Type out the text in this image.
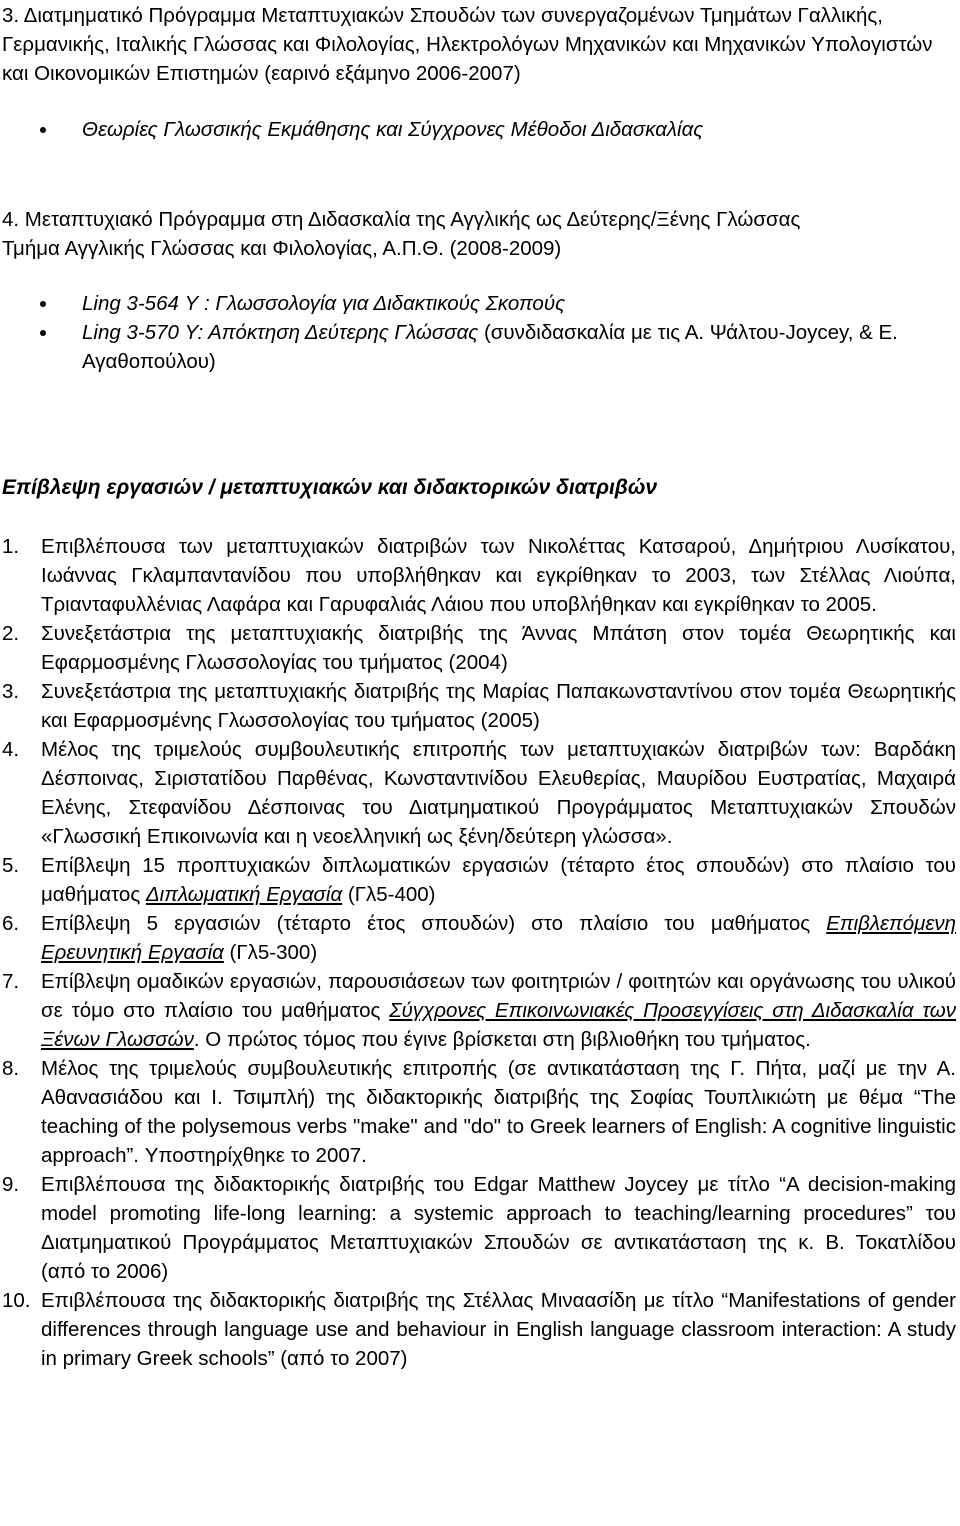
3. Διατμηματικό Πρόγραμμα Μεταπτυχιακών Σπουδών των συνεργαζομένων Τμημάτων Γαλλικής, Γερμανικής, Ιταλικής Γλώσσας και Φιλολογίας, Ηλεκτρολόγων Μηχανικών και Μηχανικών Υπολογιστών και Οικονομικών Επιστημών (εαρινό εξάμηνο 2006-2007)

Θεωρίες Γλωσσικής Εκμάθησης και Σύγχρονες Μέθοδοι Διδασκαλίας

4. Μεταπτυχιακό Πρόγραμμα στη Διδασκαλία της Αγγλικής ως Δεύτερης/Ξένης Γλώσσας

Τμήμα Αγγλικής Γλώσσας και Φιλολογίας, Α.Π.Θ. (2008-2009)

Ling 3-564 Υ : Γλωσσολογία για Διδακτικούς Σκοπούς
Ling 3-570 Υ: Απόκτηση Δεύτερης Γλώσσας (συνδιδασκαλία με τις Α. Ψάλτου-Joycey, & Ε. Αγαθοπούλου)

Επίβλεψη εργασιών / μεταπτυχιακών και διδακτορικών διατριβών

1. Επιβλέπουσα των μεταπτυχιακών διατριβών των Νικολέττας Κατσαρού, Δημήτριου Λυσίκατου, Ιωάννας Γκλαμπαντανίδου που υποβλήθηκαν και εγκρίθηκαν το 2003, των Στέλλας Λιούπα, Τριανταφυλλένιας Λαφάρα και Γαρυφαλιάς Λάιου που υποβλήθηκαν και εγκρίθηκαν το 2005.
2. Συνεξετάστρια της μεταπτυχιακής διατριβής της Άννας Μπάτση στον τομέα Θεωρητικής και Εφαρμοσμένης Γλωσσολογίας του τμήματος (2004)
3. Συνεξετάστρια της μεταπτυχιακής διατριβής της Μαρίας Παπακωνσταντίνου στον τομέα Θεωρητικής και Εφαρμοσμένης Γλωσσολογίας του τμήματος (2005)
4. Μέλος της τριμελούς συμβουλευτικής επιτροπής των μεταπτυχιακών διατριβών των: Βαρδάκη Δέσποινας, Σιριστατίδου Παρθένας, Κωνσταντινίδου Ελευθερίας, Μαυρίδου Ευστρατίας, Μαχαιρά Ελένης, Στεφανίδου Δέσποινας του Διατμηματικού Προγράμματος Μεταπτυχιακών Σπουδών «Γλωσσική Επικοινωνία και η νεοελληνική ως ξένη/δεύτερη γλώσσα».
5. Επίβλεψη 15 προπτυχιακών διπλωματικών εργασιών (τέταρτο έτος σπουδών) στο πλαίσιο του μαθήματος Διπλωματική Εργασία (Γλ5-400)
6. Επίβλεψη 5 εργασιών (τέταρτο έτος σπουδών) στο πλαίσιο του μαθήματος Επιβλεπόμενη Ερευνητική Εργασία (Γλ5-300)
7. Επίβλεψη ομαδικών εργασιών, παρουσιάσεων των φοιτητριών / φοιτητών και οργάνωσης του υλικού σε τόμο στο πλαίσιο του μαθήματος Σύγχρονες Επικοινωνιακές Προσεγγίσεις στη Διδασκαλία των Ξένων Γλωσσών. Ο πρώτος τόμος που έγινε βρίσκεται στη βιβλιοθήκη του τμήματος.
8. Μέλος της τριμελούς συμβουλευτικής επιτροπής (σε αντικατάσταση της Γ. Πήτα, μαζί με την Α. Αθανασιάδου και Ι. Τσιμπλή) της διδακτορικής διατριβής της Σοφίας Τουπλικιώτη με θέμα “The teaching of the polysemous verbs "make" and "do" to Greek learners of English: A cognitive linguistic approach”. Υποστηρίχθηκε το 2007.
9. Επιβλέπουσα της διδακτορικής διατριβής του Edgar Matthew Joycey με τίτλο “A decision-making model promoting life-long learning: a systemic approach to teaching/learning procedures” του Διατμηματικού Προγράμματος Μεταπτυχιακών Σπουδών σε αντικατάσταση της κ. Β. Τοκατλίδου (από το 2006)
10. Επιβλέπουσα της διδακτορικής διατριβής της Στέλλας Μιναασίδη με τίτλο “Manifestations of gender differences through language use and behaviour in English language classroom interaction: A study in primary Greek schools” (από το 2007)
